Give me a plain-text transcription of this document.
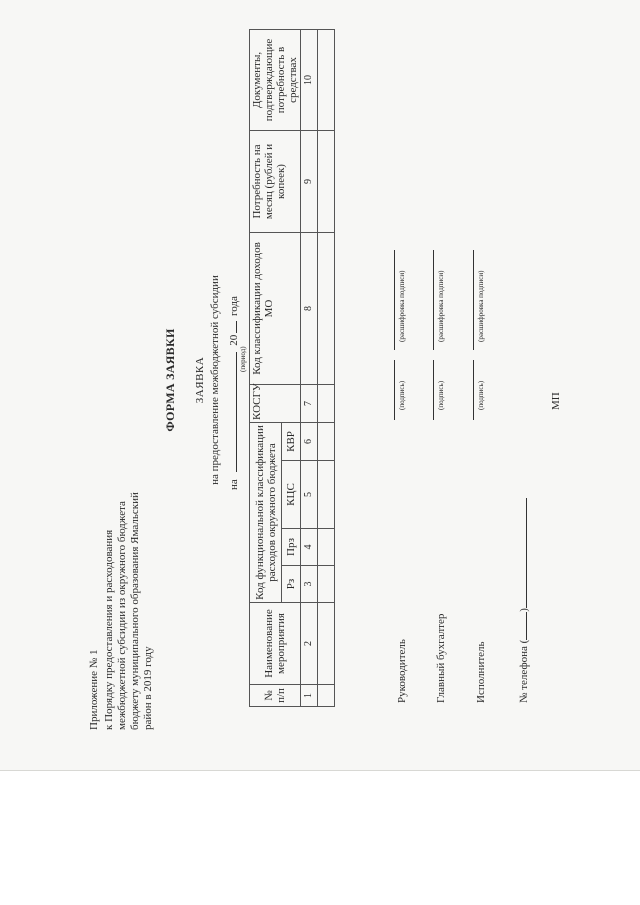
Приложение № 1 к Порядку предоставления и расходования межбюджетной субсидии из окружного бюджета бюджету муниципального образования Ямальский район в 2019 году
ФОРМА ЗАЯВКИ ЗАЯВКА на предоставление межбюджетной субсидии на  20 года
(период)
№ п/п	Наименование мероприятия	Код функциональной классификации расходов окружного бюджета				КОСГУ	Код классификации доходов МО	Потребность на месяц (рублей и копеек)	Документы, подтверждающие потребность в средствах
		Рз	Прз	КЦС	КВР				
1	2	3	4	5	6	7	8	9	10

Руководитель
(подпись)
(расшифровка подписи)
Главный бухгалтер
(подпись)
(расшифровка подписи)
Исполнитель
(подпись)
(расшифровка подписи)
№ телефона ()
МП
